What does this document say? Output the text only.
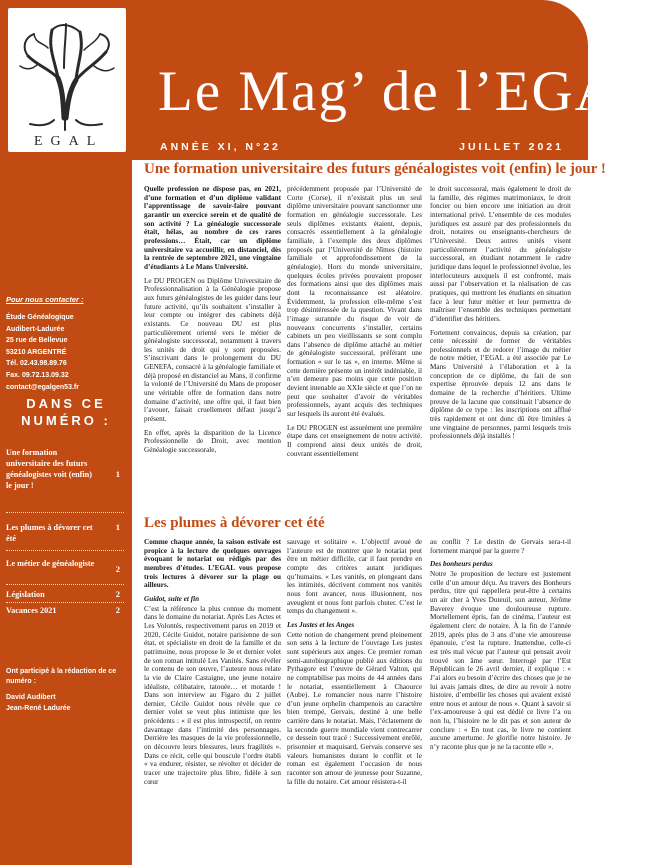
EGAL
Le Mag’ de l’EGAL
ANNÉE XI, N°22	JUILLET 2021
Pour nous contacter :
Étude Généalogique
Audibert-Ladurée
25 rue de Bellevue
53210 ARGENTRÉ
Tél. 02.43.98.89.76
Fax. 09.72.13.09.32
contact@egalgen53.fr
DANS CE NUMÉRO :
Une formation universitaire des futurs généalogistes voit (enfin) le jour !
1
Les plumes à dévorer cet été
1
Le métier de généalogiste
2
Législation	2
Vacances 2021	2
Ont participé à la rédaction de ce numéro :
David Audibert
Jean-René Ladurée
Une formation universitaire des futurs généalogistes voit (enfin) le jour !

Quelle profession ne dispose pas, en 2021, d’une formation et d’un diplôme validant l’apprentissage de savoir-faire pouvant garantir un exercice serein et de qualité de son activité ? La généalogie successorale était, hélas, au nombre de ces rares professions… Était, car un diplôme universitaire va accueillir, en distanciel, dès la rentrée de septembre 2021, une vingtaine d’étudiants à Le Mans Université.

Le DU PROGEN ou Diplôme Universitaire de Professionnalisation à la Généalogie propose aux futurs généalogistes de les guider dans leur future activité, qu’ils souhaitent s’installer à leur compte ou intégrer des cabinets déjà existants. Ce nouveau DU est plus particulièrement orienté vers le métier de généalogiste successoral, notamment à travers les unités de droit qui y sont proposées. S’inscrivant dans le prolongement du DU GENEFA, consacré à la généalogie familiale et déjà proposé en distanciel au Mans, il confirme la volonté de l’Université du Mans de proposer une véritable offre de formation dans notre domaine d’activité, une offre qui, il faut bien l’avouer, faisait cruellement défaut jusqu’à présent.

En effet, après la disparition de la Licence Professionnelle de Droit, avec mention Généalogie successorale,

précédemment proposée par l’Université de Corte (Corse), il n’existait plus un seul diplôme universitaire pouvant sanctionner une formation en généalogie successorale. Les seuls diplômes existants étaient, depuis, consacrés essentiellement à la généalogie familiale, à l’exemple des deux diplômes proposés par l’Université de Nîmes (histoire familiale et approfondissement de la généalogie). Hors du monde universitaire, quelques écoles privées pouvaient proposer des formations ainsi que des diplômes mais dont la reconnaissance est aléatoire. Évidemment, la profession elle-même s’est trop désintéressée de la question. Vivant dans l’image surannée du risque de voir de nouveaux concurrents s’installer, certains cabinets un peu vieillissants se sont complu dans l’absence de diplôme attaché au métier de généalogiste successoral, préférant une formation « sur le tas », en interne. Même si cette dernière présente un intérêt indéniable, il n’en demeure pas moins que cette position devient intenable au XXIe siècle et que l’on ne peut que souhaiter d’avoir de véritables professionnels, ayant acquis des techniques sur lesquels ils auront été évalués.

Le DU PROGEN est assurément une première étape dans cet enseignement de notre activité. Il comprend ainsi deux unités de droit, couvrant essentiellement

le droit successoral, mais également le droit de la famille, des régimes matrimoniaux, le droit foncier ou bien encore une initiation au droit international privé. L’ensemble de ces modules juridiques est assuré par des professionnels du droit, notaires ou enseignants-chercheurs de l’Université. Deux autres unités visent particulièrement l’activité du généalogiste successoral, en étudiant notamment le cadre juridique dans lequel le professionnel évolue, les interlocuteurs auxquels il est confronté, mais aussi par l’observation et la réalisation de cas pratiques, qui mettront les étudiants en situation face à leur futur métier et leur permettra de maîtriser l’ensemble des techniques permettant d’identifier des héritiers.

Fortement convaincus, depuis sa création, par cette nécessité de former de véritables professionnels et de redorer l’image du métier de notre métier, l’EGAL a été associée par Le Mans Université à l’élaboration et à la conception de ce diplôme, du fait de son expertise éprouvée depuis 12 ans dans le domaine de la recherche d’héritiers. Ultime preuve de la lacune que constituait l’absence de diplôme de ce type : les inscriptions ont afflué très rapidement et ont donc dû être limitées à une vingtaine de personnes, parmi lesquels trois professionnels déjà installés !

Les plumes à dévorer cet été

Comme chaque année, la saison estivale est propice à la lecture de quelques ouvrages évoquant le notariat ou rédigés par des membres d’études. L’EGAL vous propose trois lectures à dévorer sur la plage ou ailleurs.

Guidot, suite et fin

C’est la référence la plus connue du moment dans le domaine du notariat. Après Les Actes et Les Volontés, respectivement parus en 2019 et 2020, Cécile Guidot, notaire parisienne de son état, et spécialiste en droit de la famille et du patrimoine, nous propose le 3e et dernier volet de son roman intitulé Les Vanités. Sans révéler le contenu de son œuvre, l’auteure nous relate la vie de Claire Castaigne, une jeune notaire idéaliste, célibataire, tatouée… et motarde ! Dans son interview au Figaro du 2 juillet dernier, Cécile Guidot nous révèle que ce dernier volet se veut plus intimiste que les précédents : « il est plus introspectif, on rentre davantage dans l’intimité des personnages. Derrière les masques de la vie professionnelle, on découvre leurs blessures, leurs fragilités ». Dans ce récit, celle qui bouscule l’ordre établi « va endurer, résister, se révolter et décider de tracer une trajectoire plus libre, fidèle à son cœur

sauvage et solitaire ». L’objectif avoué de l’auteure est de montrer que le notariat peut être un métier difficile, car il faut prendre en compte des critères autant juridiques qu’humains. « Les vanités, en plongeant dans les intimités, décrivent comment nos vanités nous font avancer, nous illusionnent, nos aveuglent et nous font parfois chuter. C’est le temps du changement ».

Les Justes et les Anges

Cette notion de changement prend pleinement son sens à la lecture de l’ouvrage Les justes sont supérieurs aux anges. Ce premier roman semi-autobiographique publié aux éditions du Pythagore est l’œuvre de Gérard Valton, qui ne comptabilise pas moins de 44 années dans le notariat, essentiellement à Chaource (Aube). Le romancier nous narre l’histoire d’un jeune orphelin champenois au caractère bien trempé, Gervais, destiné à une belle carrière dans le notariat. Mais, l’éclatement de la seconde guerre mondiale vient contrecarrer ce dessein tout tracé : Successivement enrôlé, prisonnier et maquisard, Gervais conserve ses valeurs humanistes durant le conflit et le roman est également l’occasion de nous raconter son amour de jeunesse pour Suzanne, la fille du notaire. Cet amour résistera-t-il

au conflit ? Le destin de Gervais sera-t-il fortement marqué par la guerre ?

Des bonheurs perdus

Notre 3e proposition de lecture est justement celle d’un amour déçu. Au travers des Bonheurs perdus, titre qui rappellera peut-être à certains un air cher à Yves Duteuil, son auteur, Jérôme Baverey évoque une douloureuse rupture. Mortellement épris, fan de cinéma, l’auteur est également clerc de notaire. À la fin de l’année 2019, après plus de 3 ans d’une vie amoureuse épanouie, c’est la rupture. Inattendue, celle-ci est très mal vécue par l’auteur qui pensait avoir trouvé son âme sœur. Interrogé par l’Est Républicain le 26 avril dernier, il explique : « J’ai alors eu besoin d’écrire des choses que je ne lui avais jamais dites, de dire au revoir à notre histoire, d’embellir les choses qui avaient existé entre nous et autour de nous ». Quant à savoir si l’ex-amoureuse à qui est dédié ce livre l’a ou non lu, l’histoire ne le dit pas et son auteur de conclure : « En tout cas, le livre ne contient aucune amertume. Je glorifie notre histoire. Je n’y raconte plus que je ne la raconte elle ».
